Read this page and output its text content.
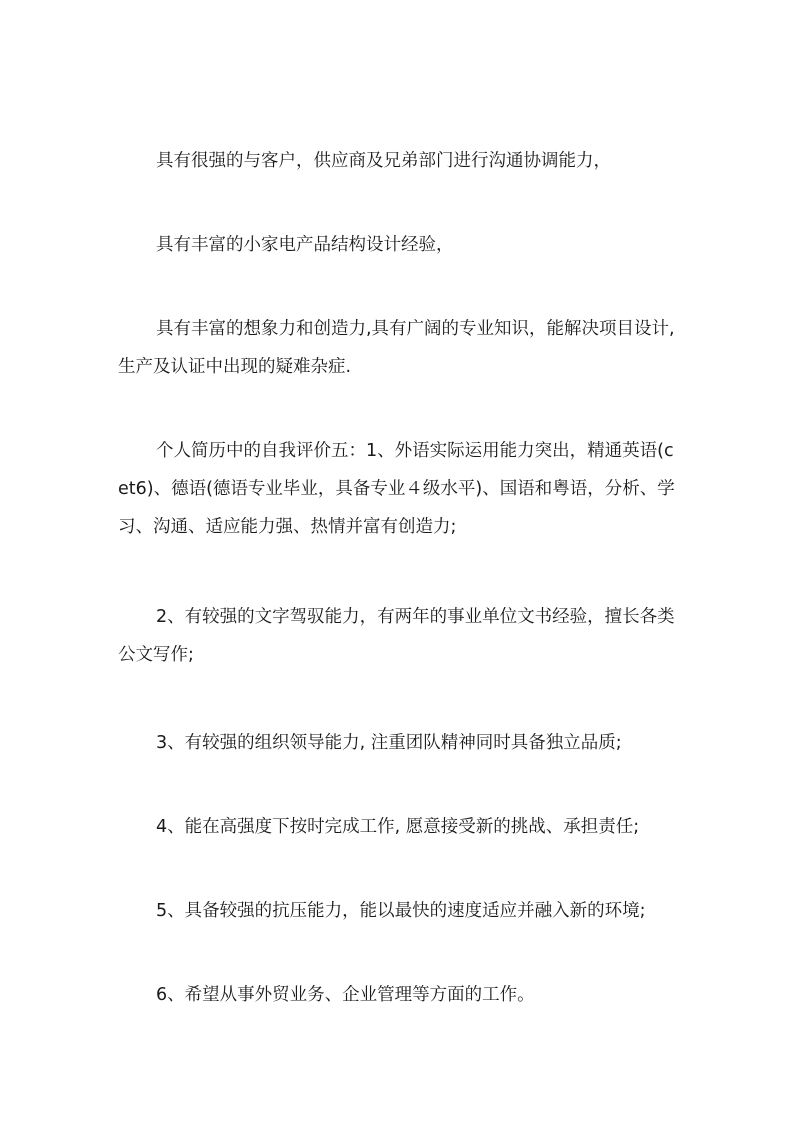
具有很强的与客户，供应商及兄弟部门进行沟通协调能力，

具有丰富的小家电产品结构设计经验，

具有丰富的想象力和创造力,具有广阔的专业知识，能解决项目设计,生产及认证中出现的疑难杂症.

个人简历中的自我评价五：1、外语实际运用能力突出，精通英语(cet6)、德语(德语专业毕业，具备专业４级水平)、国语和粤语，分析、学习、沟通、适应能力强、热情并富有创造力;

2、有较强的文字驾驭能力，有两年的事业单位文书经验，擅长各类公文写作;

3、有较强的组织领导能力, 注重团队精神同时具备独立品质;

4、能在高强度下按时完成工作, 愿意接受新的挑战、承担责任;

5、具备较强的抗压能力，能以最快的速度适应并融入新的环境;

6、希望从事外贸业务、企业管理等方面的工作。
